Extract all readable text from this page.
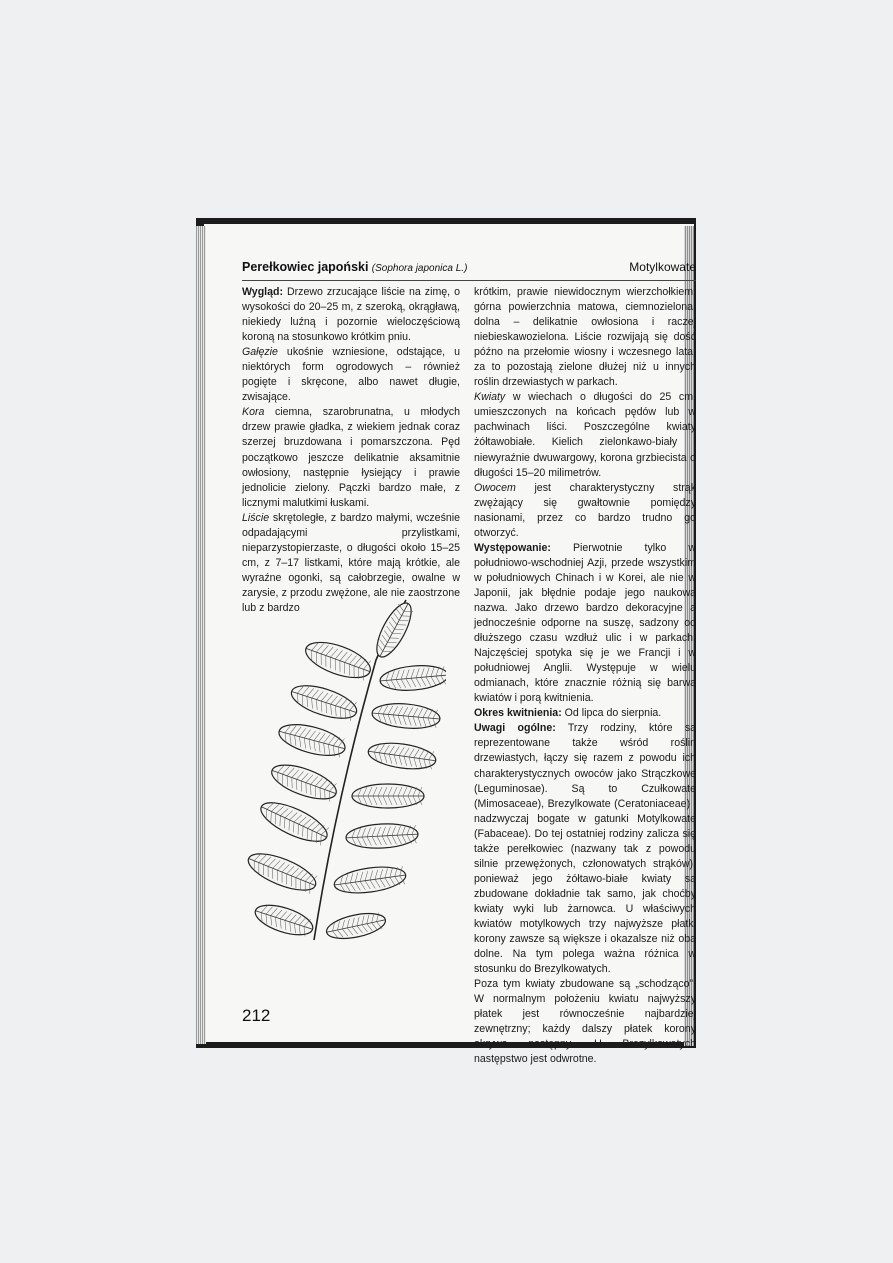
Perełkowiec japoński (Sophora japonica L.)	Motylkowate

Wygląd: Drzewo zrzucające liście na zimę, o wysokości do 20–25 m, z szeroką, okrągławą, niekiedy luźną i pozornie wieloczęściową koroną na stosunkowo krótkim pniu.

Gałęzie ukośnie wzniesione, odstające, u niektórych form ogrodowych – również pogięte i skręcone, albo nawet długie, zwisające.

Kora ciemna, szarobrunatna, u młodych drzew prawie gładka, z wiekiem jednak coraz szerzej bruzdowana i pomarszczona. Pęd początkowo jeszcze delikatnie aksamitnie owłosiony, następnie łysiejący i prawie jednolicie zielony. Pączki bardzo małe, z licznymi malutkimi łuskami.

Liście skrętoległe, z bardzo małymi, wcześnie odpadającymi przylistkami, nieparzystopierzaste, o długości około 15–25 cm, z 7–17 listkami, które mają krótkie, ale wyraźne ogonki, są całobrzegie, owalne w zarysie, z przodu zwężone, ale nie zaostrzone lub z bardzo

krótkim, prawie niewidocznym wierzchołkiem; górna powierzchnia matowa, ciemnozielona, dolna – delikatnie owłosiona i raczej niebieskawozielona. Liście rozwijają się dość późno na przełomie wiosny i wczesnego lata, za to pozostają zielone dłużej niż u innych roślin drzewiastych w parkach.

Kwiaty w wiechach o długości do 25 cm, umieszczonych na końcach pędów lub w pachwinach liści. Poszczególne kwiaty żółtawobiałe. Kielich zielonkawo-biały i niewyraźnie dwuwargowy, korona grzbiecista o długości 15–20 milimetrów.

Owocem jest charakterystyczny strąk zwężający się gwałtownie pomiędzy nasionami, przez co bardzo trudno go otworzyć.

Występowanie: Pierwotnie tylko w południowo-wschodniej Azji, przede wszystkim w południowych Chinach i w Korei, ale nie w Japonii, jak błędnie podaje jego naukowa nazwa. Jako drzewo bardzo dekoracyjne a jednocześnie odporne na suszę, sadzony od dłuższego czasu wzdłuż ulic i w parkach. Najczęściej spotyka się je we Francji i w południowej Anglii. Występuje w wielu odmianach, które znacznie różnią się barwą kwiatów i porą kwitnienia.

Okres kwitnienia: Od lipca do sierpnia.

Uwagi ogólne: Trzy rodziny, które są reprezentowane także wśród roślin drzewiastych, łączy się razem z powodu ich charakterystycznych owoców jako Strączkowe (Leguminosae). Są to Czułkowate (Mimosaceae), Brezylkowate (Ceratoniaceae) i nadzwyczaj bogate w gatunki Motylkowate (Fabaceae). Do tej ostatniej rodziny zalicza się także perełkowiec (nazwany tak z powodu silnie przewężonych, członowatych strąków), ponieważ jego żółtawo-białe kwiaty są zbudowane dokładnie tak samo, jak choćby kwiaty wyki lub żarnowca. U właściwych kwiatów motylkowych trzy najwyższe płatki korony zawsze są większe i okazalsze niż oba dolne. Na tym polega ważna różnica w stosunku do Brezylkowatych.

Poza tym kwiaty zbudowane są „schodząco”. W normalnym położeniu kwiatu najwyższy płatek jest równocześnie najbardziej zewnętrzny; każdy dalszy płatek korony okrywa następny. U Brezylkowatych następstwo jest odwrotne.

212
